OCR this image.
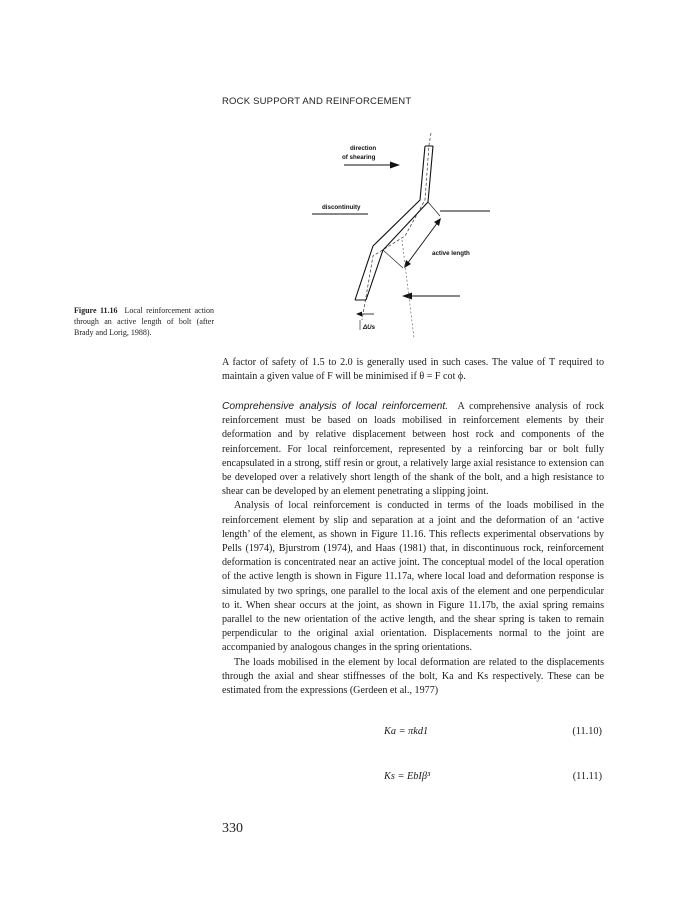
ROCK SUPPORT AND REINFORCEMENT
direction
of shearing
discontinuity
active length
ΔUs
Figure 11.16 Local reinforcement action through an active length of bolt (after Brady and Lorig, 1988).

A factor of safety of 1.5 to 2.0 is generally used in such cases. The value of T required to maintain a given value of F will be minimised if θ = F cot ϕ.

Comprehensive analysis of local reinforcement. A comprehensive analysis of rock reinforcement must be based on loads mobilised in reinforcement elements by their deformation and by relative displacement between host rock and components of the reinforcement. For local reinforcement, represented by a reinforcing bar or bolt fully encapsulated in a strong, stiff resin or grout, a relatively large axial resistance to extension can be developed over a relatively short length of the shank of the bolt, and a high resistance to shear can be developed by an element penetrating a slipping joint.

Analysis of local reinforcement is conducted in terms of the loads mobilised in the reinforcement element by slip and separation at a joint and the deformation of an ‘active length’ of the element, as shown in Figure 11.16. This reflects experimental observations by Pells (1974), Bjurstrom (1974), and Haas (1981) that, in discontinuous rock, reinforcement deformation is concentrated near an active joint. The conceptual model of the local operation of the active length is shown in Figure 11.17a, where local load and deformation response is simulated by two springs, one parallel to the local axis of the element and one perpendicular to it. When shear occurs at the joint, as shown in Figure 11.17b, the axial spring remains parallel to the new orientation of the active length, and the shear spring is taken to remain perpendicular to the original axial orientation. Displacements normal to the joint are accompanied by analogous changes in the spring orientations.

The loads mobilised in the element by local deformation are related to the displacements through the axial and shear stiffnesses of the bolt, Ka and Ks respectively. These can be estimated from the expressions (Gerdeen et al., 1977)

Ka = πkd1	(11.10)
Ks = EbIβ³	(11.11)
330
